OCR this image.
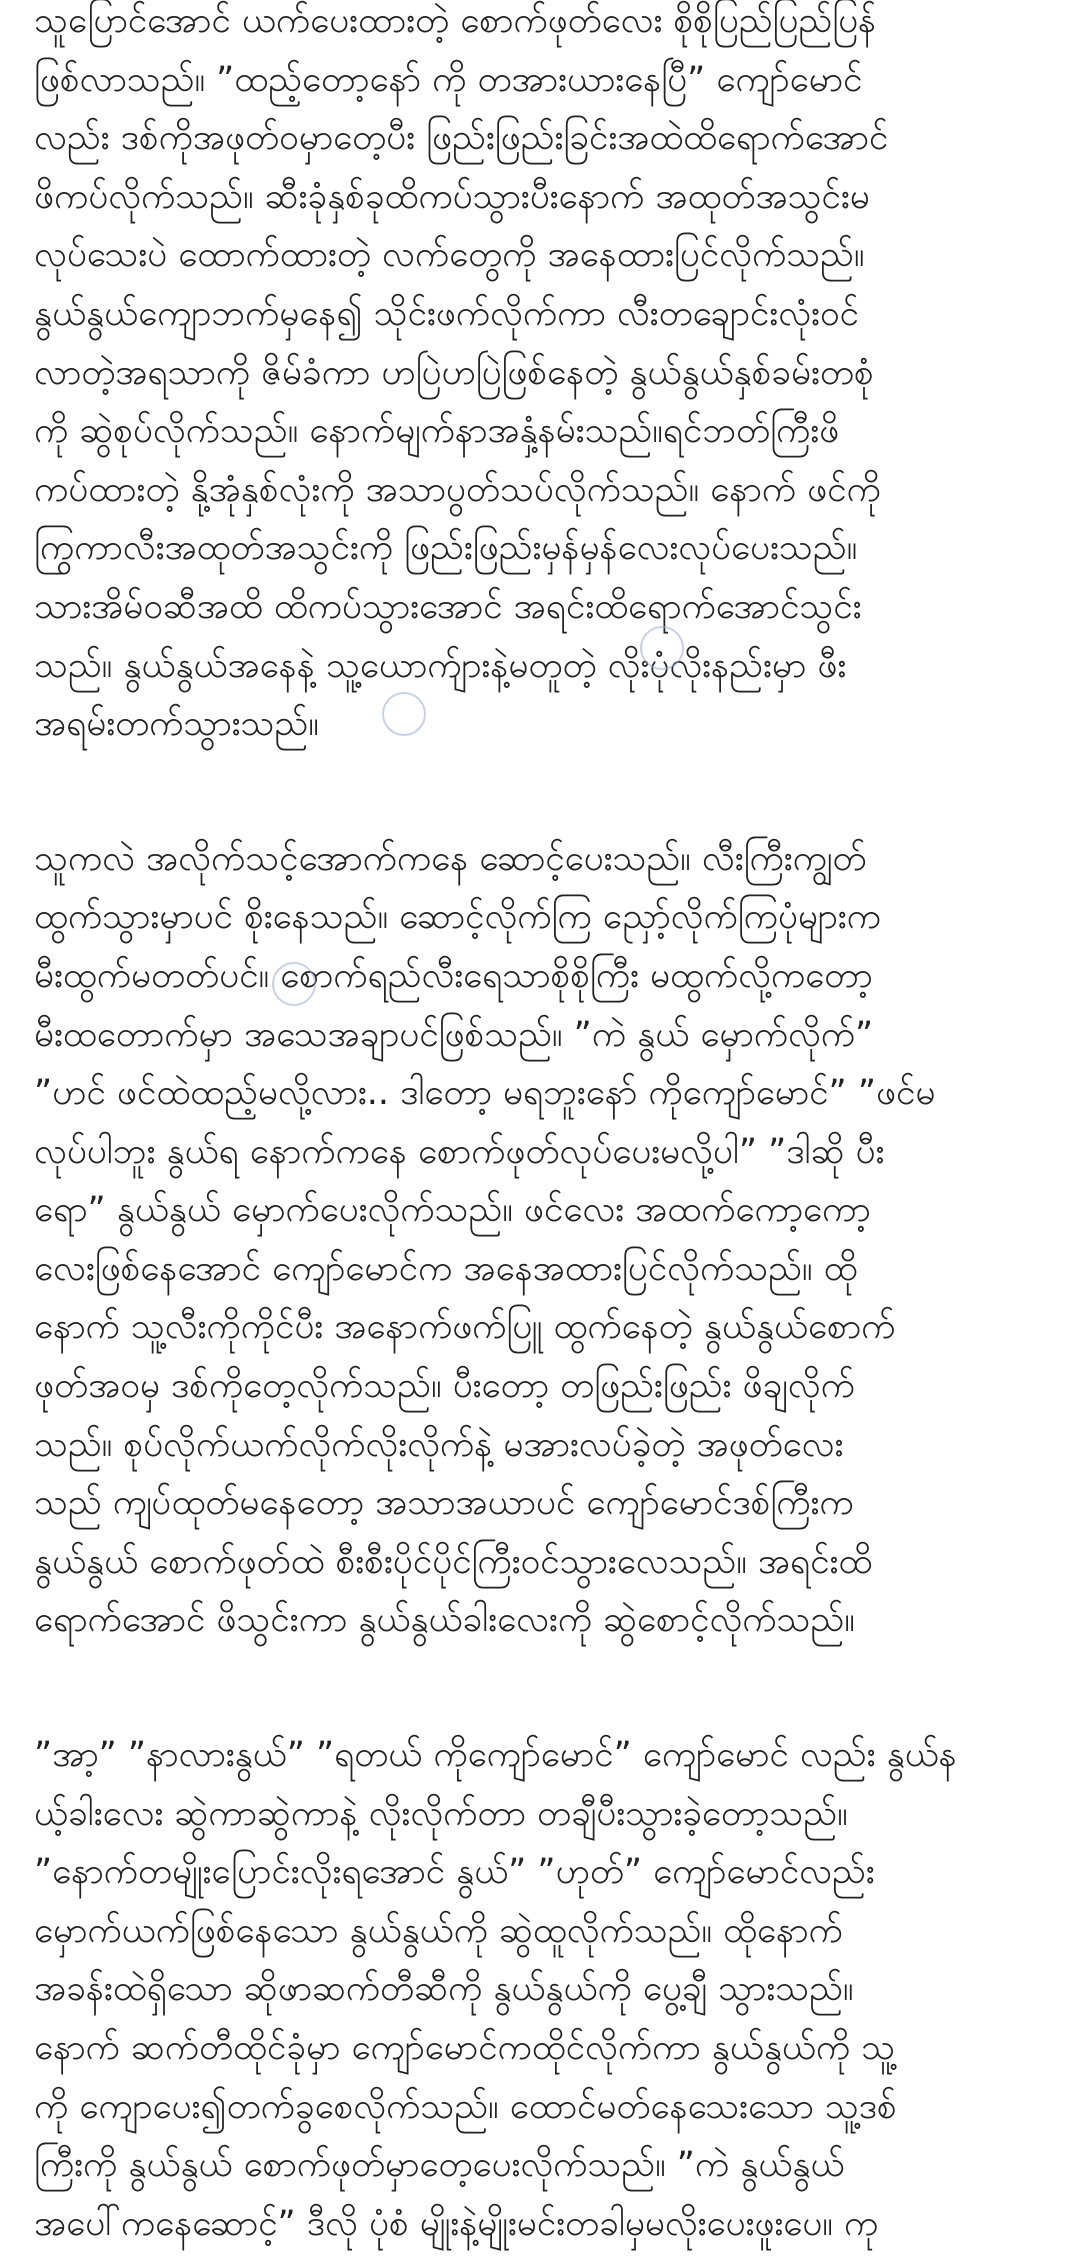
သူပြောင်အောင် ယက်ပေးထားတဲ့ စောက်ဖုတ်လေး စိုစိုပြည်ပြည်ပြန်
ဖြစ်လာသည်။ ”ထည့်တော့နော် ကို တအားယားနေပြီ” ကျော်မောင်
လည်း ဒစ်ကိုအဖုတ်ဝမှာတေ့ပီး ဖြည်းဖြည်းခြင်းအထဲထိရောက်အောင်
ဖိကပ်လိုက်သည်။ ဆီးခုံနှစ်ခုထိကပ်သွားပီးနောက် အထုတ်အသွင်းမ
လုပ်သေးပဲ ထောက်ထားတဲ့ လက်တွေကို အနေထားပြင်လိုက်သည်။
နွယ်နွယ်ကျောဘက်မှနေ၍ သိုင်းဖက်လိုက်ကာ လီးတချောင်းလုံးဝင်
လာတဲ့အရသာကို ဇိမ်ခံကာ ဟပြဲဟပြဲဖြစ်နေတဲ့ နွယ်နွယ်နှစ်ခမ်းတစုံ
ကို ဆွဲစုပ်လိုက်သည်။ နောက်မျက်နာအနှံ့နမ်းသည်။ရင်ဘတ်ကြီးဖိ
ကပ်ထားတဲ့ နို့အုံနှစ်လုံးကို အသာပွတ်သပ်လိုက်သည်။ နောက် ဖင်ကို
ကြွကာလီးအထုတ်အသွင်းကို ဖြည်းဖြည်းမှန်မှန်လေးလုပ်ပေးသည်။
သားအိမ်ဝဆီအထိ ထိကပ်သွားအောင် အရင်းထိရောက်အောင်သွင်း
သည်။ နွယ်နွယ်အနေနဲ့ သူ့ယောက်ျားနဲ့မတူတဲ့ လိုးပုံလိုးနည်းမှာ ဖီး
အရမ်းတက်သွားသည်။
သူကလဲ အလိုက်သင့်အောက်ကနေ ဆောင့်ပေးသည်။ လီးကြီးကျွတ်
ထွက်သွားမှာပင် စိုးနေသည်။ ဆောင့်လိုက်ကြ ညှော့်လိုက်ကြပုံများက
မီးထွက်မတတ်ပင်။ စောက်ရည်လီးရေသာစိုစိုကြီး မထွက်လို့ကတော့
မီးထတောက်မှာ အသေအချာပင်ဖြစ်သည်။ ”ကဲ နွယ် မှောက်လိုက်”
”ဟင် ဖင်ထဲထည့်မလို့လား.. ဒါတော့ မရဘူးနော် ကိုကျော်မောင်” ”ဖင်မ
လုပ်ပါဘူး နွယ်ရ နောက်ကနေ စောက်ဖုတ်လုပ်ပေးမလို့ပါ” ”ဒါဆို ပီး
ရော” နွယ်နွယ် မှောက်ပေးလိုက်သည်။ ဖင်လေး အထက်ကော့ကော့
လေးဖြစ်နေအောင် ကျော်မောင်က အနေအထားပြင်လိုက်သည်။ ထို
နောက် သူ့လီးကိုကိုင်ပီး အနောက်ဖက်ပြူ ထွက်နေတဲ့ နွယ်နွယ်စောက်
ဖုတ်အဝမှ ဒစ်ကိုတေ့လိုက်သည်။ ပီးတော့ တဖြည်းဖြည်း ဖိချလိုက်
သည်။ စုပ်လိုက်ယက်လိုက်လိုးလိုက်နဲ့ မအားလပ်ခဲ့တဲ့ အဖုတ်လေး
သည် ကျပ်ထုတ်မနေတော့ အသာအယာပင် ကျော်မောင်ဒစ်ကြီးက
နွယ်နွယ် စောက်ဖုတ်ထဲ စီးစီးပိုင်ပိုင်ကြီးဝင်သွားလေသည်။ အရင်းထိ
ရောက်အောင် ဖိသွင်းကာ နွယ်နွယ်ခါးလေးကို ဆွဲစောင့်လိုက်သည်။
”အာ့” ”နာလားနွယ်” ”ရတယ် ကိုကျော်မောင်” ကျော်မောင် လည်း နွယ်န
ယ့်ခါးလေး ဆွဲကာဆွဲကာနဲ့ လိုးလိုက်တာ တချီပီးသွားခဲ့တော့သည်။
”နောက်တမျိုးပြောင်းလိုးရအောင် နွယ်” ”ဟုတ်” ကျော်မောင်လည်း
မှောက်ယက်ဖြစ်နေသော နွယ်နွယ်ကို ဆွဲထူလိုက်သည်။ ထိုနောက်
အခန်းထဲရှိသော ဆိုဖာဆက်တီဆီကို နွယ်နွယ်ကို ပွေ့ချီ သွားသည်။
နောက် ဆက်တီထိုင်ခုံမှာ ကျော်မောင်ကထိုင်လိုက်ကာ နွယ်နွယ်ကို သူ့
ကို ကျောပေး၍တက်ခွစေလိုက်သည်။ ထောင်မတ်နေသေးသော သူ့ဒစ်
ကြီးကို နွယ်နွယ် စောက်ဖုတ်မှာတေ့ပေးလိုက်သည်။ ”ကဲ နွယ်နွယ်
အပေါ်ကနေဆောင့်” ဒီလို ပုံစံ မျိုးနဲ့မျိုးမင်းတခါမှမလိုးပေးဖူးပေ။ ကု
